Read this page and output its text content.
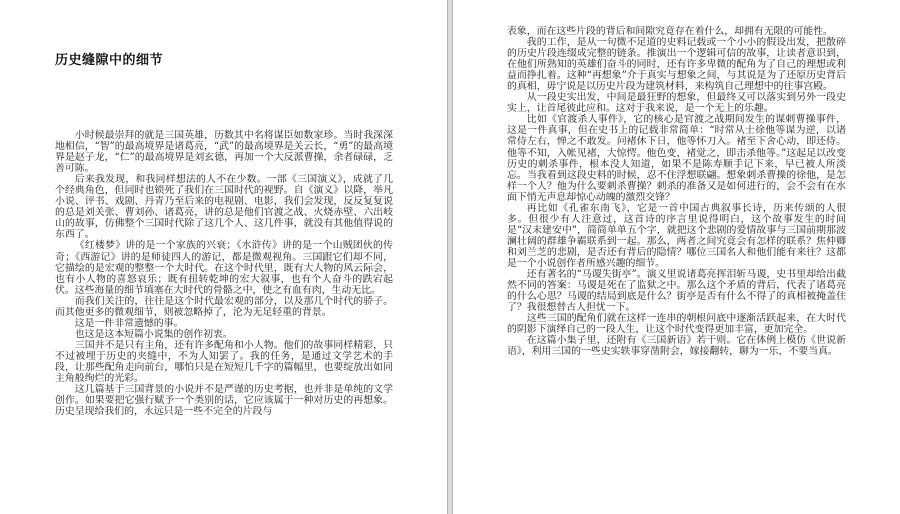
历史缝隙中的细节

小时候最崇拜的就是三国英雄，历数其中名将谋臣如数家珍。当时我深深地相信，“智”的最高境界是诸葛亮，“武”的最高境界是关云长，“勇”的最高境界是赵子龙，“仁”的最高境界是刘玄德，再加一个大反派曹操，余者碌碌，乏善可陈。

后来我发现，和我同样想法的人不在少数。一部《三国演义》，成就了几个经典角色，但同时也锁死了我们在三国时代的视野。自《演义》以降，举凡小说、评书、戏剧、丹青乃至后来的电视剧、电影，我们会发现，反反复复说的总是刘关张、曹刘孙、诸葛亮，讲的总是他们官渡之战、火烧赤壁、六出岐山的故事，仿佛整个三国时代除了这几个人、这几件事，就没有其他值得说的东西了。

《红楼梦》讲的是一个家族的兴衰；《水浒传》讲的是一个山贼团伙的传奇；《西游记》讲的是师徒四人的游记，都是微观视角。三国跟它们却不同，它描绘的是宏观的整整一个大时代。在这个时代里，既有大人物的风云际会，也有小人物的喜怒哀乐；既有扭转乾坤的宏大叙事，也有个人奋斗的跌宕起伏。这些海量的细节填塞在大时代的骨骼之中，使之有血有肉，生动无比。

而我们关注的，往往是这个时代最宏观的部分，以及那几个时代的骄子。而其他更多的微观细节，则被忽略掉了，沦为无足轻重的背景。

这是一件非常遗憾的事。

也这是这本短篇小说集的创作初衷。

三国并不是只有主角，还有许多配角和小人物。他们的故事同样精彩，只不过被埋于历史的夹缝中，不为人知罢了。我的任务，是通过文学艺术的手段，让那些配角走向前台，哪怕只是在短短几千字的篇幅里，也要绽放出如同主角般绚烂的光彩。

这几篇基于三国背景的小说并不是严谨的历史考据，也并非是单纯的文学创作。如果要把它强行赋予一个类别的话，它应该属于一种对历史的再想象。历史呈现给我们的，永远只是一些不完全的片段与

表象，而在这些片段的背后和间隙究竟存在着什么，却拥有无限的可能性。

我的工作，是从一句微不足道的史料记载或一个小小的假设出发，把散碎的历史片段连缀成完整的链条。推演出一个逻辑可信的故事，让读者意识到，在他们所熟知的英雄们奋斗的同时，还有许多卑微的配角为了自己的理想或利益而挣扎着。这种“再想象”介于真实与想象之间，与其说是为了还原历史背后的真相，毋宁说是以历史片段为建筑材料，来构筑自己理想中的往事宫殿。

从一段史实出发，中间是最狂野的想象，但最终又可以落实到另外一段史实上，让首尾彼此应和。这对于我来说，是一个无上的乐趣。

比如《官渡杀人事件》，它的核心是官渡之战期间发生的谋刺曹操事件，这是一件真事，但在史书上的记载非常简单：“时常从士徐他等谋为逆，以诸常侍左右，惮之不敢发。问褚休下日，他等怀刀入。褚至下舍心动，即还侍。他等不知，入帐见褚，大惊愕。他色变，褚觉之，即击杀他等。”这起足以改变历史的刺杀事件，根本没人知道，如果不是陈寿顺手记下来，早已被人所淡忘。当我看到这段史料的时候，忍不住浮想联翩。想象刺杀曹操的徐他，是怎样一个人？他为什么要刺杀曹操？刺杀的准备又是如何进行的，会不会有在水面下悄无声息却惊心动魄的激烈交锋？

再比如《孔雀东南飞》，它是一首中国古典叙事长诗，历来传颂的人很多。但很少有人注意过，这首诗的序言里说得明白，这个故事发生的时间是“汉末建安中”，简简单单五个字，就把这个悲剧的爱情故事与三国前期那波澜壮阔的群雄争霸联系到一起。那么，两者之间究竟会有怎样的联系？焦仲卿和刘兰芝的悲剧，是否还有背后的隐情？哪位三国名人和他们能有来往？这都是一个小说创作者所感兴趣的细节。

还有著名的“马谡失街亭”。演义里说诸葛亮挥泪斩马谡，史书里却给出截然不同的答案：马谡是死在了监狱之中。那么这个矛盾的背后，代表了诸葛亮的什么心思？马谡的结局到底是什么？街亭是否有什么不得了的真相被掩盖住了？我很想替古人担忧一下。

这些三国的配角们就在这样一连串的朝根问底中逐渐活跃起来，在大时代的阴影下演绎自己的一段人生，让这个时代变得更加丰富，更加完全。

在这篇小集子里，还附有《三国新语》若干则。它在体例上模仿《世说新语》，利用三国的一些史实轶事穿凿附会，嫁接翻转，聊为一乐，不要当真。
